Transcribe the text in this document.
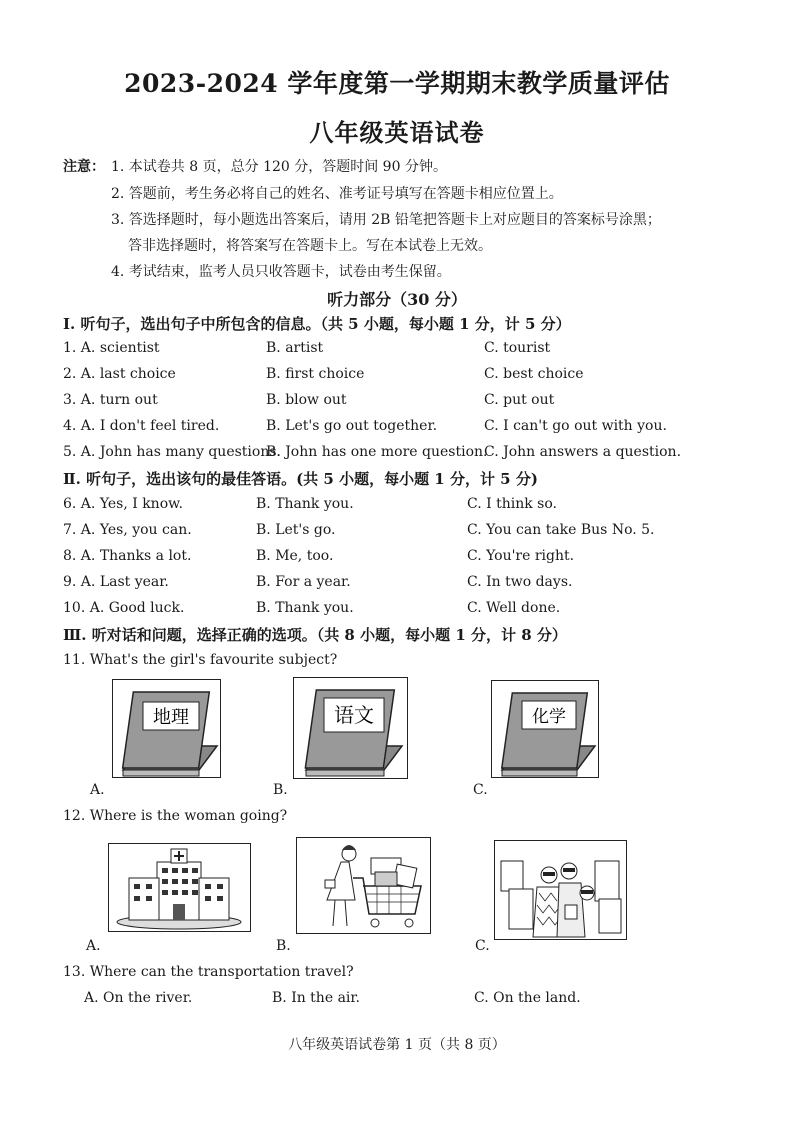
2023-2024 学年度第一学期期末教学质量评估
八年级英语试卷
注意： 1. 本试卷共 8 页，总分 120 分，答题时间 90 分钟。
2. 答题前，考生务必将自己的姓名、准考证号填写在答题卡相应位置上。
3. 答选择题时，每小题选出答案后，请用 2B 铅笔把答题卡上对应题目的答案标号涂黑；
答非选择题时，将答案写在答题卡上。写在本试卷上无效。
4. 考试结束，监考人员只收答题卡，试卷由考生保留。
听力部分（30 分）
Ⅰ. 听句子，选出句子中所包含的信息。（共 5 小题，每小题 1 分，计 5 分）
1. A. scientist	B. artist	C. tourist
2. A. last choice	B. first choice	C. best choice
3. A. turn out	B. blow out	C. put out
4. A. I don't feel tired.	B. Let's go out together.	C. I can't go out with you.
5. A. John has many questions.
B. John has one more question.
C. John answers a question.
Ⅱ. 听句子，选出该句的最佳答语。(共 5 小题，每小题 1 分，计 5 分)
6. A. Yes, I know.	B. Thank you.	C. I think so.
7. A. Yes, you can.	B. Let's go.	C. You can take Bus No. 5.
8. A. Thanks a lot.	B. Me, too.	C. You're right.
9. A. Last year.	B. For a year.	C. In two days.
10. A. Good luck.	B. Thank you.	C. Well done.
Ⅲ. 听对话和问题，选择正确的选项。（共 8 小题，每小题 1 分，计 8 分）
11. What's the girl's favourite subject?
地理	语文	化学
A.	B.	C.
12. Where is the woman going?
A.	B.	C.
13. Where can the transportation travel?
A. On the river.	B. In the air.	C. On the land.
八年级英语试卷第 1 页（共 8 页）
